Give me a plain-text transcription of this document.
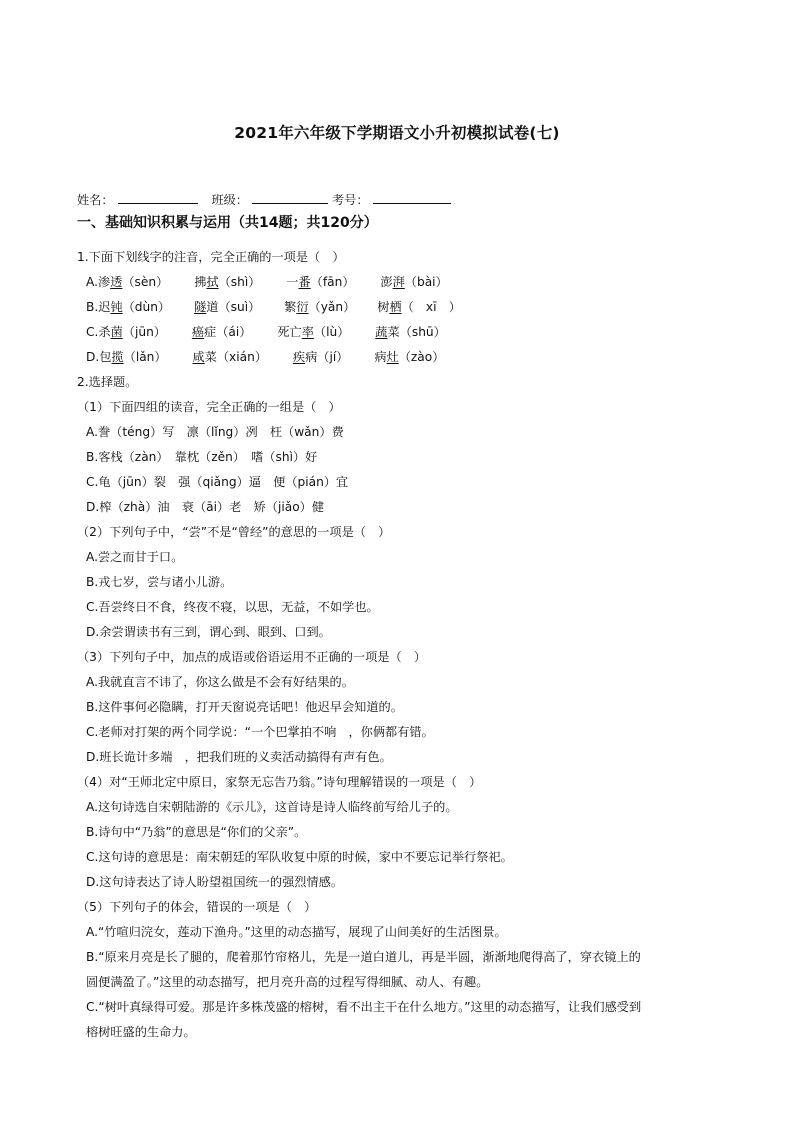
2021年六年级下学期语文小升初模拟试卷(七)
姓名：	班级：	考号：
一、基础知识积累与运用（共14题；共120分）
1.下面下划线字的注音，完全正确的一项是（　）
A.渗透（sèn） 拂拭（shì） 一番（fān） 澎湃（bài）
B.迟钝（dùn） 隧道（suì） 繁衍（yǎn） 树栖（　xī　）
C.杀菌（jūn） 癌症（ái） 死亡率（lù） 蔬菜（shū）
D.包揽（lǎn） 咸菜（xián） 疾病（jí） 病灶（zào）
2.选择题。
（1）下面四组的读音，完全正确的一组是（　）
A.誊（téng）写　凛（lǐng）冽　枉（wǎn）费
B.客栈（zàn）　靠枕（zěn）　嗜（shì）好
C.龟（jūn）裂　强（qiǎng）逼　便（pián）宜
D.榨（zhà）油　衰（āi）老　矫（jiǎo）健
（2）下列句子中，“尝”不是“曾经”的意思的一项是（　）
A.尝之而甘于口。
B.戎七岁，尝与诸小儿游。
C.吾尝终日不食，终夜不寝，以思，无益，不如学也。
D.余尝谓读书有三到，谓心到、眼到、口到。
（3）下列句子中，加点的成语或俗语运用不正确的一项是（　）
A.我就直言不讳了，你这么做是不会有好结果的。
B.这件事何必隐瞒，打开天窗说亮话吧！他迟早会知道的。
C.老师对打架的两个同学说：“一个巴掌拍不响　，你俩都有错。
D.班长诡计多端　，把我们班的义卖活动搞得有声有色。
（4）对“王师北定中原日，家祭无忘告乃翁。”诗句理解错误的一项是（　）
A.这句诗选自宋朝陆游的《示儿》，这首诗是诗人临终前写给儿子的。
B.诗句中“乃翁”的意思是“你们的父亲”。
C.这句诗的意思是：南宋朝廷的军队收复中原的时候，家中不要忘记举行祭祀。
D.这句诗表达了诗人盼望祖国统一的强烈情感。
（5）下列句子的体会，错误的一项是（　）
A.“竹喧归浣女，莲动下渔舟。”这里的动态描写，展现了山间美好的生活图景。
B.“原来月亮是长了腿的，爬着那竹帘格儿，先是一道白道儿，再是半圆，渐渐地爬得高了，穿衣镜上的
圆便满盈了。”这里的动态描写，把月亮升高的过程写得细腻、动人、有趣。
C.“树叶真绿得可爱。那是许多株茂盛的榕树，看不出主干在什么地方。”这里的动态描写，让我们感受到
榕树旺盛的生命力。
